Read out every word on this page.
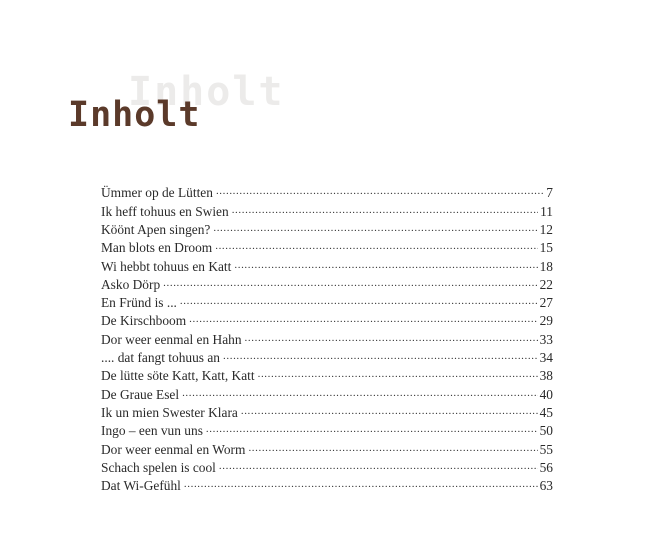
Inholt
Inholt
Ümmer op de Lütten .....	7
Ik heff tohuus en Swien .....	11
Köönt Apen singen? .....	12
Man blots en Droom .....	15
Wi hebbt tohuus en Katt .....	18
Asko Dörp .....	22
En Fründ is ... .....	27
De Kirschboom .....	29
Dor weer eenmal en Hahn .....	33
.... dat fangt tohuus an .....	34
De lütte söte Katt, Katt, Katt .....	38
De Graue Esel .....	40
Ik un mien Swester Klara .....	45
Ingo – een vun uns .....	50
Dor weer eenmal en Worm .....	55
Schach spelen is cool .....	56
Dat Wi-Gefühl .....	63
